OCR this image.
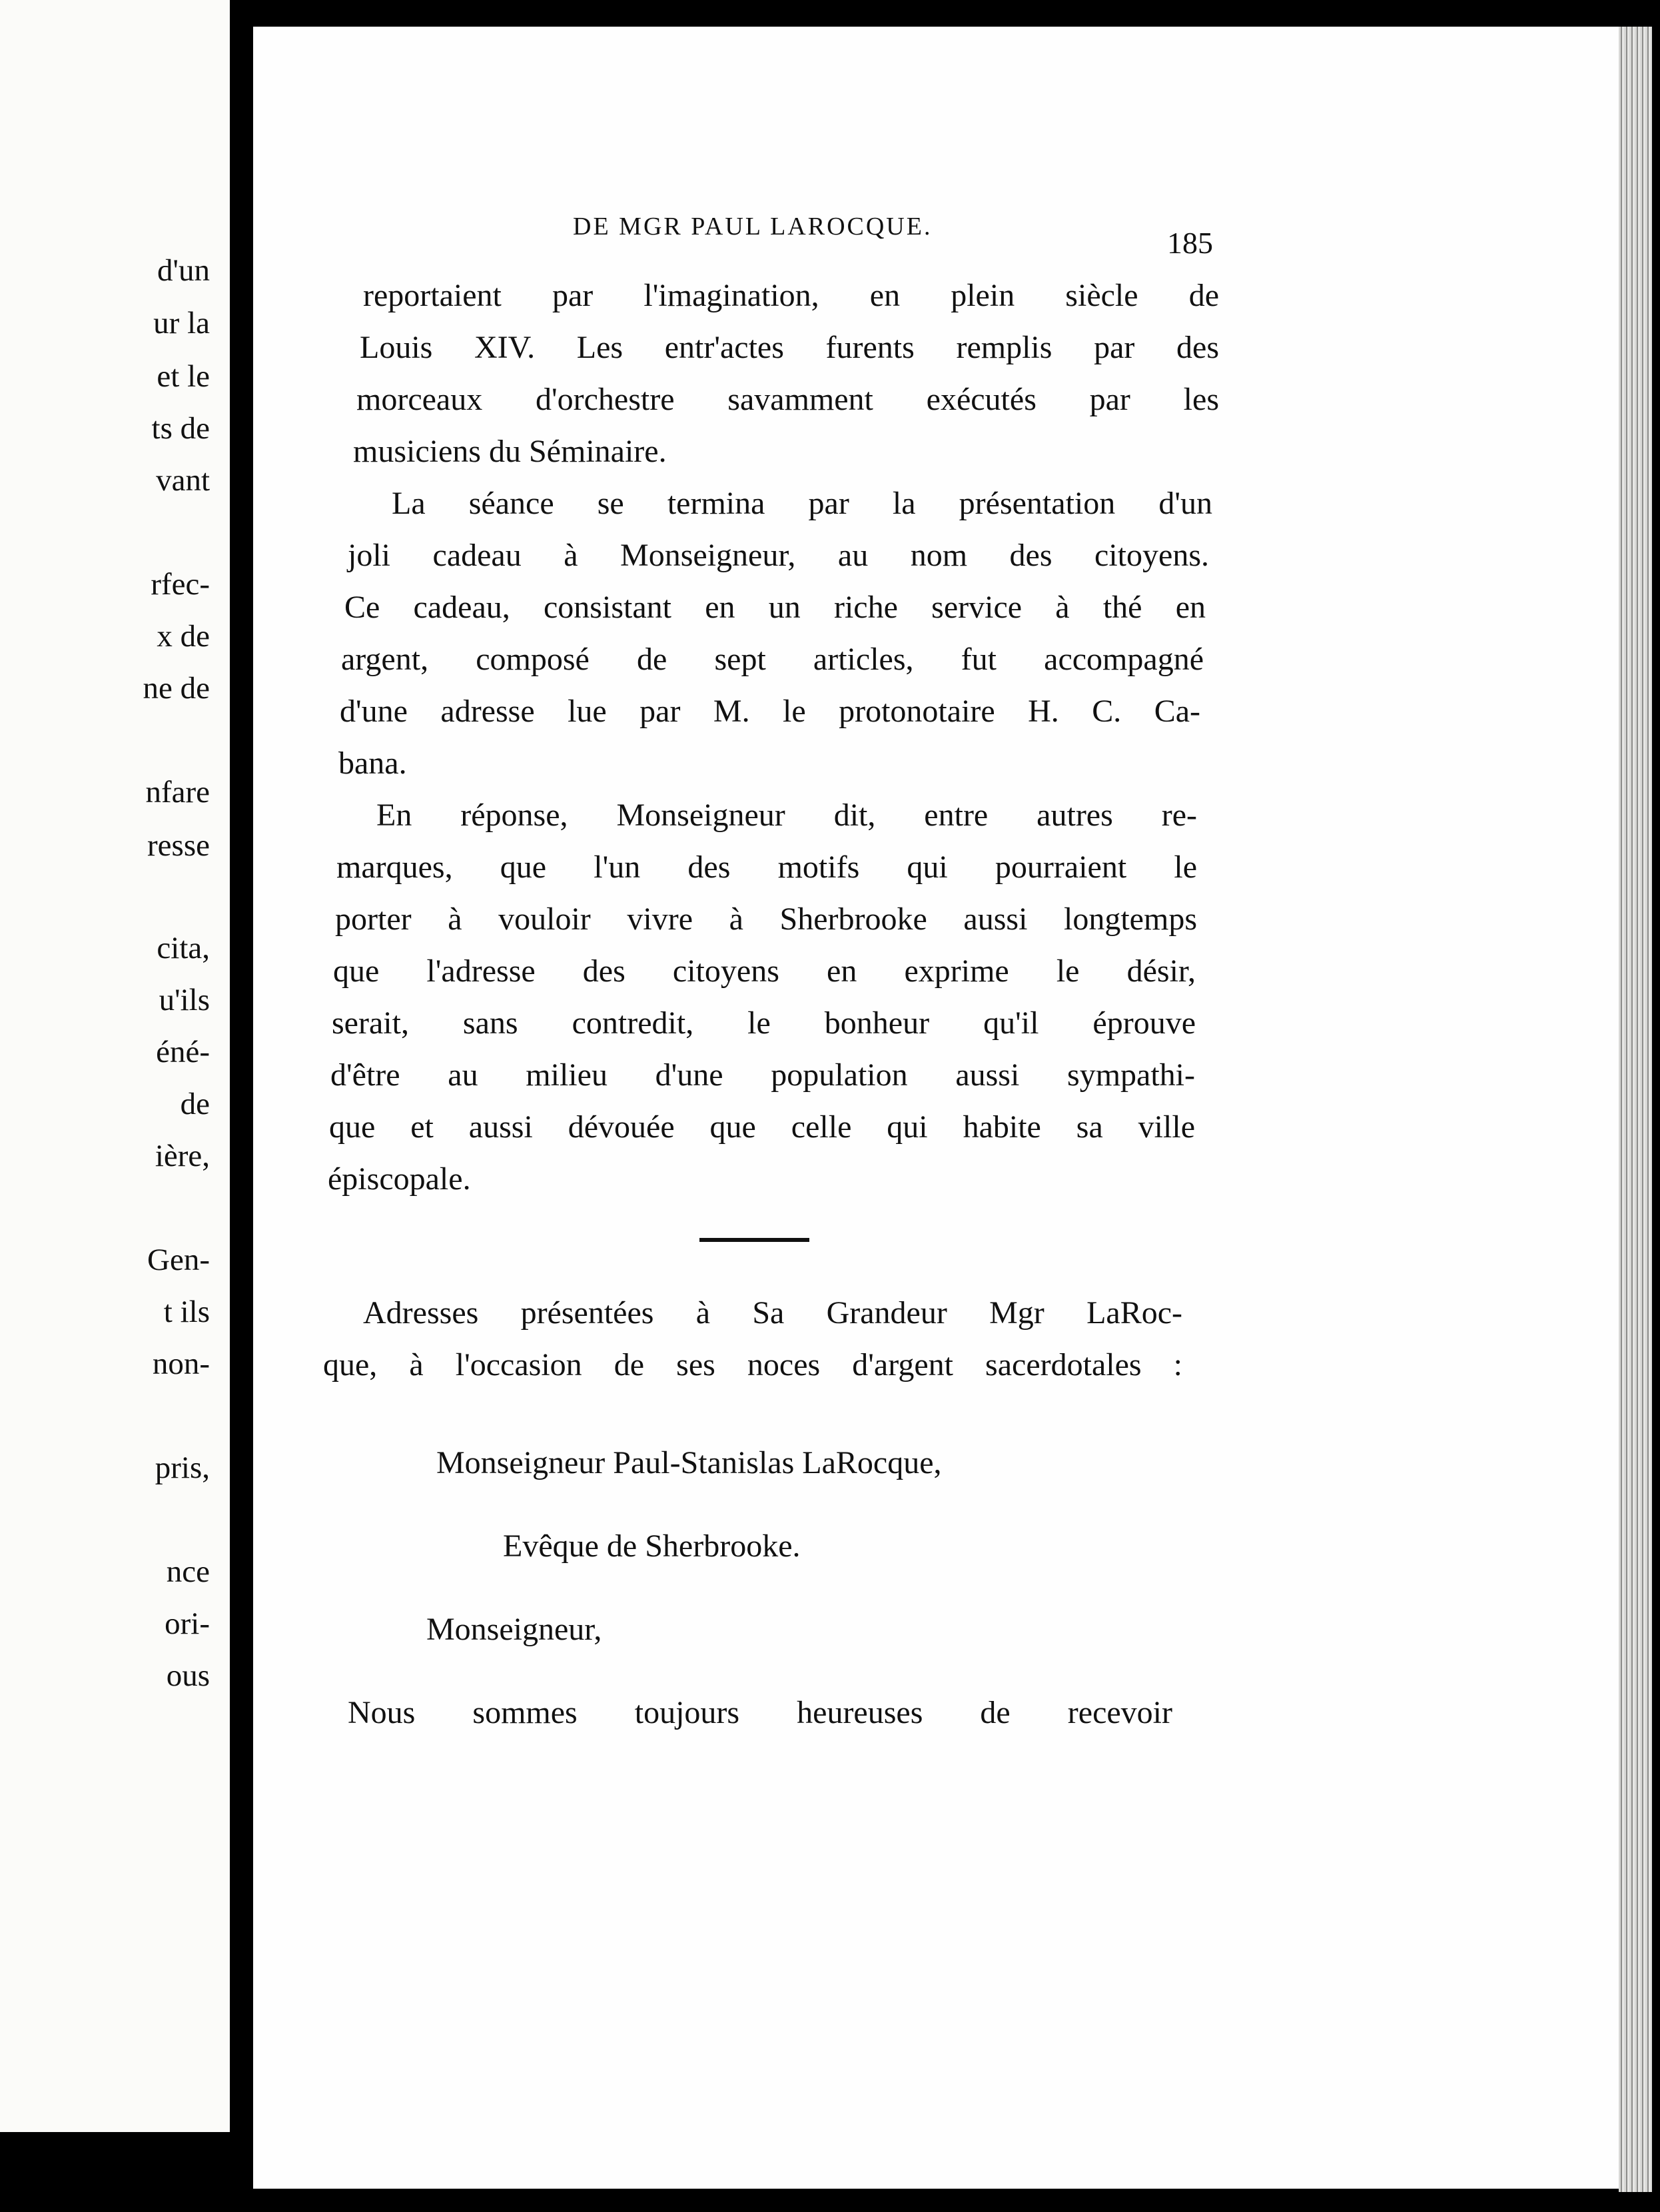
d'un
ur la
et le
ts de
vant
rfec-
x de
ne de
nfare
resse
cita,
u'ils
éné-
de
ière,
Gen-
t ils
non-
pris,
nce
ori-
ous
DE MGR PAUL LAROCQUE.	185
reportaient par l'imagination, en plein siècle de
Louis XIV. Les entr'actes furents remplis par des
morceaux d'orchestre savamment exécutés par les
musiciens du Séminaire.
La séance se termina par la présentation d'un
joli cadeau à Monseigneur, au nom des citoyens.
Ce cadeau, consistant en un riche service à thé en
argent, composé de sept articles, fut accompagné
d'une adresse lue par M. le protonotaire H. C. Ca-
bana.
En réponse, Monseigneur dit, entre autres re-
marques, que l'un des motifs qui pourraient le
porter à vouloir vivre à Sherbrooke aussi longtemps
que l'adresse des citoyens en exprime le désir,
serait, sans contredit, le bonheur qu'il éprouve
d'être au milieu d'une population aussi sympathi-
que et aussi dévouée que celle qui habite sa ville
épiscopale.
Adresses présentées à Sa Grandeur Mgr LaRoc-
que, à l'occasion de ses noces d'argent sacerdotales :
Monseigneur Paul-Stanislas LaRocque,
Evêque de Sherbrooke.
Monseigneur,
Nous sommes toujours heureuses de recevoir
